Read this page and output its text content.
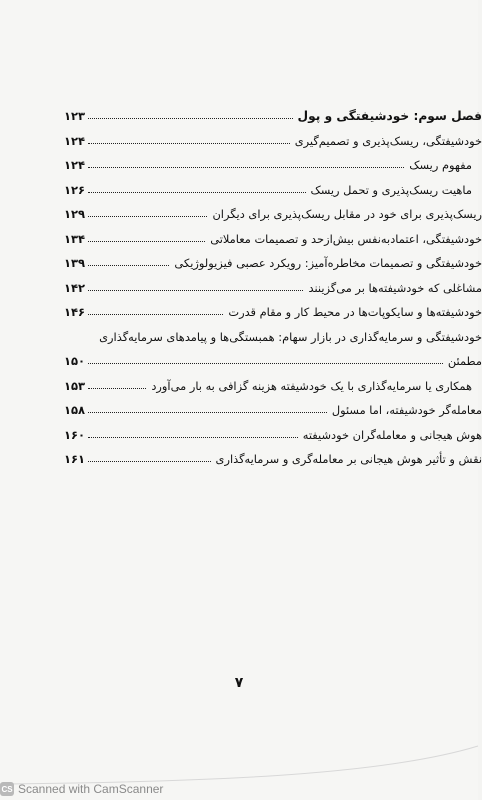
فصل سوم: خودشیفتگی و پول
۱۲۳
خودشیفتگی، ریسک‌پذیری و تصمیم‌گیری
۱۲۴
مفهوم ریسک
۱۲۴
ماهیت ریسک‌پذیری و تحمل ریسک
۱۲۶
ریسک‌پذیری برای خود در مقابل ریسک‌پذیری برای دیگران
۱۲۹
خودشیفتگی، اعتمادبه‌نفس بیش‌ازحد و تصمیمات معاملاتی
۱۳۴
خودشیفتگی و تصمیمات مخاطره‌آمیز: رویکرد عصبی فیزیولوژیکی
۱۳۹
مشاغلی که خودشیفته‌ها بر می‌گزینند
۱۴۲
خودشیفته‌ها و سایکوپات‌ها در محیط کار و مقام قدرت
۱۴۶
خودشیفتگی و سرمایه‌گذاری در بازار سهام: همبستگی‌ها و پیامدهای سرمایه‌گذاری
مطمئن
۱۵۰
همکاری یا سرمایه‌گذاری با یک خودشیفته هزینه گزافی به بار می‌آورد
۱۵۳
معامله‌گر خودشیفته، اما مسئول
۱۵۸
هوش هیجانی و معامله‌گران خودشیفته
۱۶۰
نقش و تأثیر هوش هیجانی بر معامله‌گری و سرمایه‌گذاری
۱۶۱
۷
CS Scanned with CamScanner
